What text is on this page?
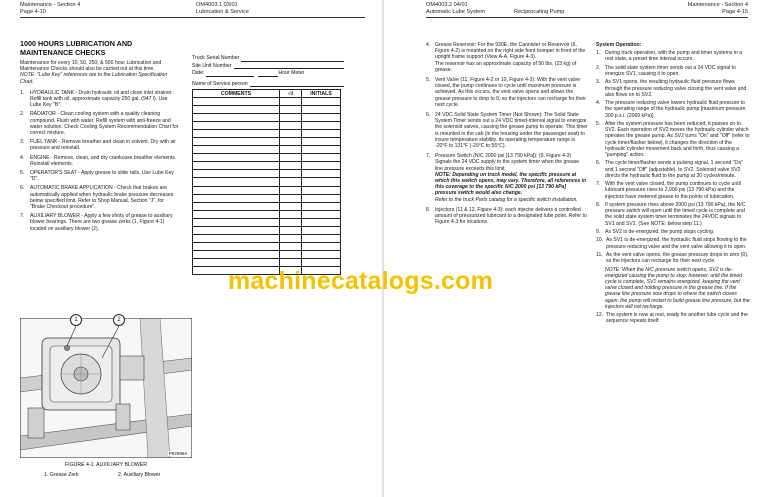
Maintenance - Section 4
Page 4-10
OM4003.1 03/01
Lubrication & Service
1000 HOURS LUBRICATION AND MAINTENANCE CHECKS

Maintenance for every 10, 50, 250, & 500 hour Lubrication and Maintenance Checks should also be carried out at this time.

NOTE: "Lube Key" references are to the Lubrication Specification Chart.

1.	HYDRAULIC TANK - Drain hydraulic oil and clean inlet strainer. Refill tank with oil, approximate capacity 250 gal. (947 l). Use Lube Key "B".
2.	RADIATOR - Clean cooling system with a quality cleaning compound. Flush with water. Refill system with anti-freeze and water solution. Check Cooling System Recommendation Chart for correct mixture.
3.	FUEL TANK - Remove breather and clean in solvent. Dry with air pressure and reinstall.
4.	ENGINE - Remove, clean, and dry crankcase breather elements. Reinstall elements.
5.	OPERATOR'S SEAT - Apply grease to slide rails. Use Lube Key "D".
6.	AUTOMATIC BRAKE APPLICATION - Check that brakes are automatically applied when hydraulic brake pressure decreases below specified limit. Refer to Shop Manual, Section "J", for "Brake Checkout procedure".
7.	AUXILIARY BLOWER - Apply a few shots of grease to auxiliary blower bearings. There are two grease zerks (1, Figure 4-1) located on auxiliary blower (2).
Truck Serial Number
Site Unit Number
Date:	Hour Meter
Name of Service person
COMMENTS	√d	INITIALS

1	2
P929984
FIGURE 4-1. AUXILIARY BLOWER
1. Grease Zerk	2. Auxiliary Blower
OM4003.2 04/01
Automatic Lube System	Reciprocating Pump
Maintenance - Section 4
Page 4-15
4. Grease Reservoir: For the 930E, the Cannister or Reservoir (6, Figure 4-2) is mounted on the right side front bumper in front of the upright frame support (View A-A, Figure 4-3).
The reservoir has an approximate capacity of 50 lbs. (23 kg) of grease.
5. Vent Valve (11, Figure 4-2 or 10, Figure 4-3): With the vent valve closed, the pump continues to cycle until maximum pressure is achieved. As this occurs, the vent valve opens and allows the grease pressure to drop to 0, so the injectors can recharge for their next cycle.
6. 24 VDC Solid State System Timer (Not Shown): The Solid State System Timer sends out a 24 VDC timed-interval signal to energize the solenoid valves, causing the grease pump to operate. This timer is mounted in the cab (in the housing under the passenger seat) to insure temperature stability. Its operating temperature range is -20°F to 131°F (-29°C to 55°C).
7. Pressure Switch (N/C 2000 psi [13 790 kPa]): (9, Figure 4-3) Signals the 24 VDC supply to the system timer when the grease line pressure exceeds this limit.
NOTE: Depending on truck model, the specific pressure at which this switch opens, may vary. Therefore, all references in this coverage to the specific N/C 2000 psi [13 790 kPa] pressure switch would also change.
Refer to the truck Parts catalog for a specific switch installation.
8. Injectors (11 & 12, Figure 4-3): each injector delivers a controlled amount of pressurized lubricant to a designated lube point. Refer to Figure 4-3 for locations.
System Operation:
1. During truck operation, with the pump and timer systems in a rest state, a preset time interval occurs.
2. The solid state system timer sends out a 24 VDC signal to energize SV1, causing it to open.
3. As SV1 opens, the resulting hydraulic fluid pressure flows through the pressure reducing valve closing the vent valve and also flows on to SV2.
4. The pressure reducing valve lowers hydraulic fluid pressure to the operating range of the hydraulic pump [maximum pressure 300 p.s.i. (2069 kPa)].
5. After the system pressure has been reduced, it passes on to SV2. Each operation of SV2 moves the hydraulic cylinder which operates the grease pump. As SV2 turns "On" and "Off" (refer to cycle timer/flasher below), it changes the direction of the hydraulic cylinder movement back and forth, thus causing a "pumping" action.
6. The cycle timer/flasher sends a pulsing signal, 1 second "On" and 1 second "Off" (adjustable), to SV2. Solenoid valve SV2 directs the hydraulic fluid to the pump at 30 cycles/minute.
7. With the vent valve closed, the pump continues to cycle until lubricant pressure rises to 2,000 psi (13 790 kPa) and the injectors have metered grease to the points of lubrication.
8. If system pressure rises above 2000 psi (13 790 kPa), the N/C pressure switch will open until the timed cycle is complete and the solid state system timer terminates the 24VDC signals to SV1 and SV2. (See NOTE: below step 11.)
9. As SV2 is de-energized, the pump stops cycling.
10. As SV1 is de-energized, the hydraulic fluid stops flowing to the pressure reducing valve and the vent valve allowing it to open.
11. As the vent valve opens, the grease pressure drops to zero (0), so the injectors can recharge for their next cycle.
NOTE: When the N/C pressure switch opens, SV2 is de-energized causing the pump to stop; however, until the timed cycle is complete, SV1 remains energized, keeping the vent valve closed and holding pressure in the grease line. If the grease line pressure now drops to where the switch closes again, the pump will restart to build grease line pressure, but the injectors will not recharge.
12. The system is now at rest, ready for another lube cycle and the sequence repeats itself.
machinecatalogs.com
